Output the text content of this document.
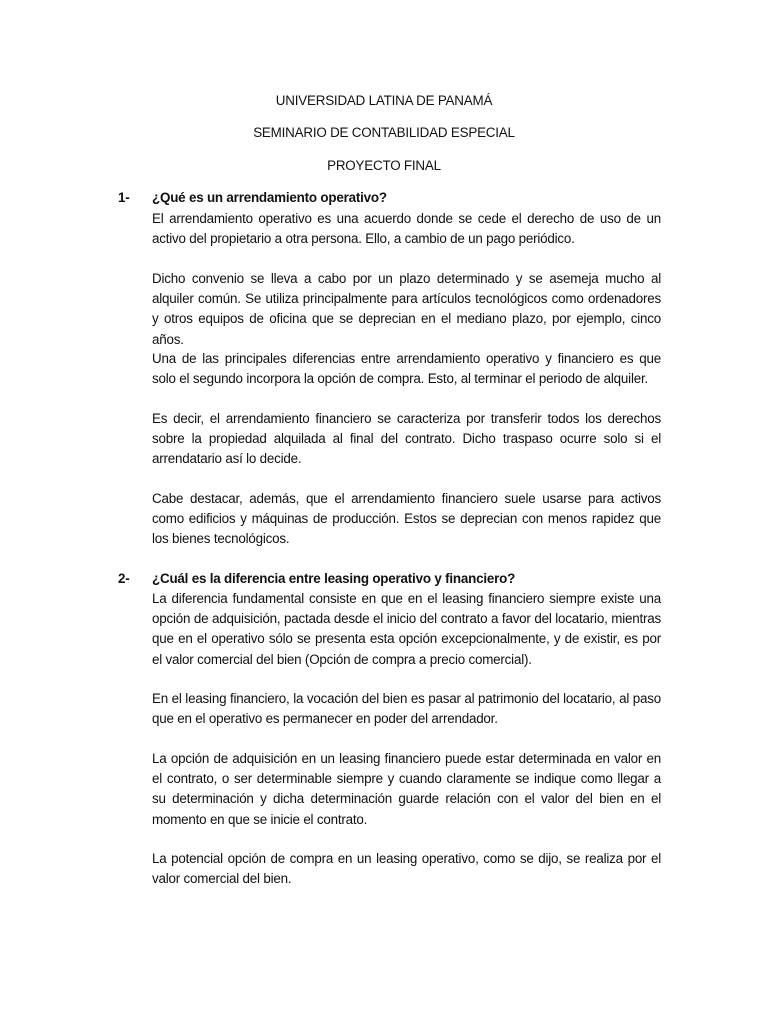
UNIVERSIDAD LATINA DE PANAMÁ
SEMINARIO DE CONTABILIDAD ESPECIAL
PROYECTO FINAL
1- ¿Qué es un arrendamiento operativo?

El arrendamiento operativo es una acuerdo donde se cede el derecho de uso de un activo del propietario a otra persona. Ello, a cambio de un pago periódico.

Dicho convenio se lleva a cabo por un plazo determinado y se asemeja mucho al alquiler común. Se utiliza principalmente para artículos tecnológicos como ordenadores y otros equipos de oficina que se deprecian en el mediano plazo, por ejemplo, cinco años.

Una de las principales diferencias entre arrendamiento operativo y financiero es que solo el segundo incorpora la opción de compra. Esto, al terminar el periodo de alquiler.

Es decir, el arrendamiento financiero se caracteriza por transferir todos los derechos sobre la propiedad alquilada al final del contrato. Dicho traspaso ocurre solo si el arrendatario así lo decide.

Cabe destacar, además, que el arrendamiento financiero suele usarse para activos como edificios y máquinas de producción. Estos se deprecian con menos rapidez que los bienes tecnológicos.

2- ¿Cuál es la diferencia entre leasing operativo y financiero?

La diferencia fundamental consiste en que en el leasing financiero siempre existe una opción de adquisición, pactada desde el inicio del contrato a favor del locatario, mientras que en el operativo sólo se presenta esta opción excepcionalmente, y de existir, es por el valor comercial del bien (Opción de compra a precio comercial).

En el leasing financiero, la vocación del bien es pasar al patrimonio del locatario, al paso que en el operativo es permanecer en poder del arrendador.

La opción de adquisición en un leasing financiero puede estar determinada en valor en el contrato, o ser determinable siempre y cuando claramente se indique como llegar a su determinación y dicha determinación guarde relación con el valor del bien en el momento en que se inicie el contrato.

La potencial opción de compra en un leasing operativo, como se dijo, se realiza por el valor comercial del bien.
